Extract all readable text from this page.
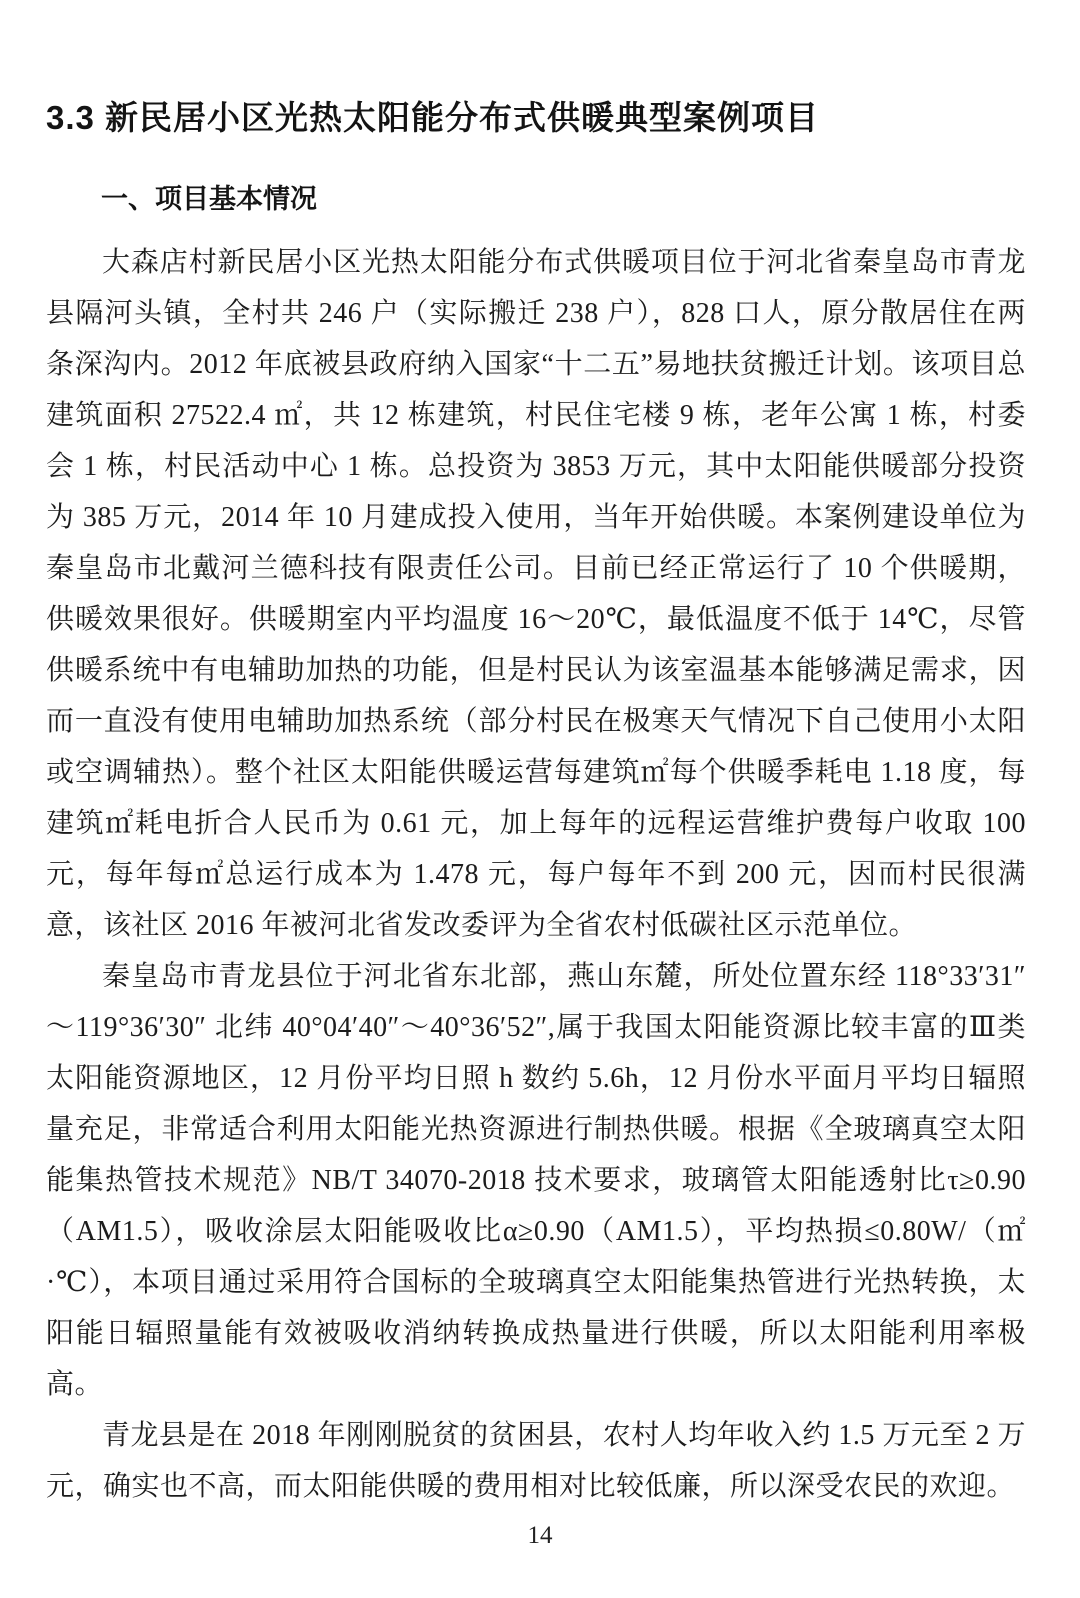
3.3 新民居小区光热太阳能分布式供暖典型案例项目
一、项目基本情况

大森店村新民居小区光热太阳能分布式供暖项目位于河北省秦皇岛市青龙县隔河头镇，全村共 246 户（实际搬迁 238 户），828 口人，原分散居住在两条深沟内。2012 年底被县政府纳入国家“十二五”易地扶贫搬迁计划。该项目总建筑面积 27522.4 ㎡，共 12 栋建筑，村民住宅楼 9 栋，老年公寓 1 栋，村委会 1 栋，村民活动中心 1 栋。总投资为 3853 万元，其中太阳能供暖部分投资为 385 万元，2014 年 10 月建成投入使用，当年开始供暖。本案例建设单位为秦皇岛市北戴河兰德科技有限责任公司。目前已经正常运行了 10 个供暖期，供暖效果很好。供暖期室内平均温度 16～20℃，最低温度不低于 14℃，尽管供暖系统中有电辅助加热的功能，但是村民认为该室温基本能够满足需求，因而一直没有使用电辅助加热系统（部分村民在极寒天气情况下自己使用小太阳或空调辅热）。整个社区太阳能供暖运营每建筑㎡每个供暖季耗电 1.18 度，每建筑㎡耗电折合人民币为 0.61 元，加上每年的远程运营维护费每户收取 100 元，每年每㎡总运行成本为 1.478 元，每户每年不到 200 元，因而村民很满意，该社区 2016 年被河北省发改委评为全省农村低碳社区示范单位。

秦皇岛市青龙县位于河北省东北部，燕山东麓，所处位置东经 118°33′31″～119°36′30″ 北纬 40°04′40″～40°36′52″,属于我国太阳能资源比较丰富的Ⅲ类太阳能资源地区，12 月份平均日照 h 数约 5.6h，12 月份水平面月平均日辐照量充足，非常适合利用太阳能光热资源进行制热供暖。根据《全玻璃真空太阳能集热管技术规范》NB/T 34070-2018 技术要求，玻璃管太阳能透射比τ≥0.90（AM1.5），吸收涂层太阳能吸收比α≥0.90（AM1.5），平均热损≤0.80W/（㎡·℃），本项目通过采用符合国标的全玻璃真空太阳能集热管进行光热转换，太阳能日辐照量能有效被吸收消纳转换成热量进行供暖，所以太阳能利用率极高。

青龙县是在 2018 年刚刚脱贫的贫困县，农村人均年收入约 1.5 万元至 2 万元，确实也不高，而太阳能供暖的费用相对比较低廉，所以深受农民的欢迎。

14
